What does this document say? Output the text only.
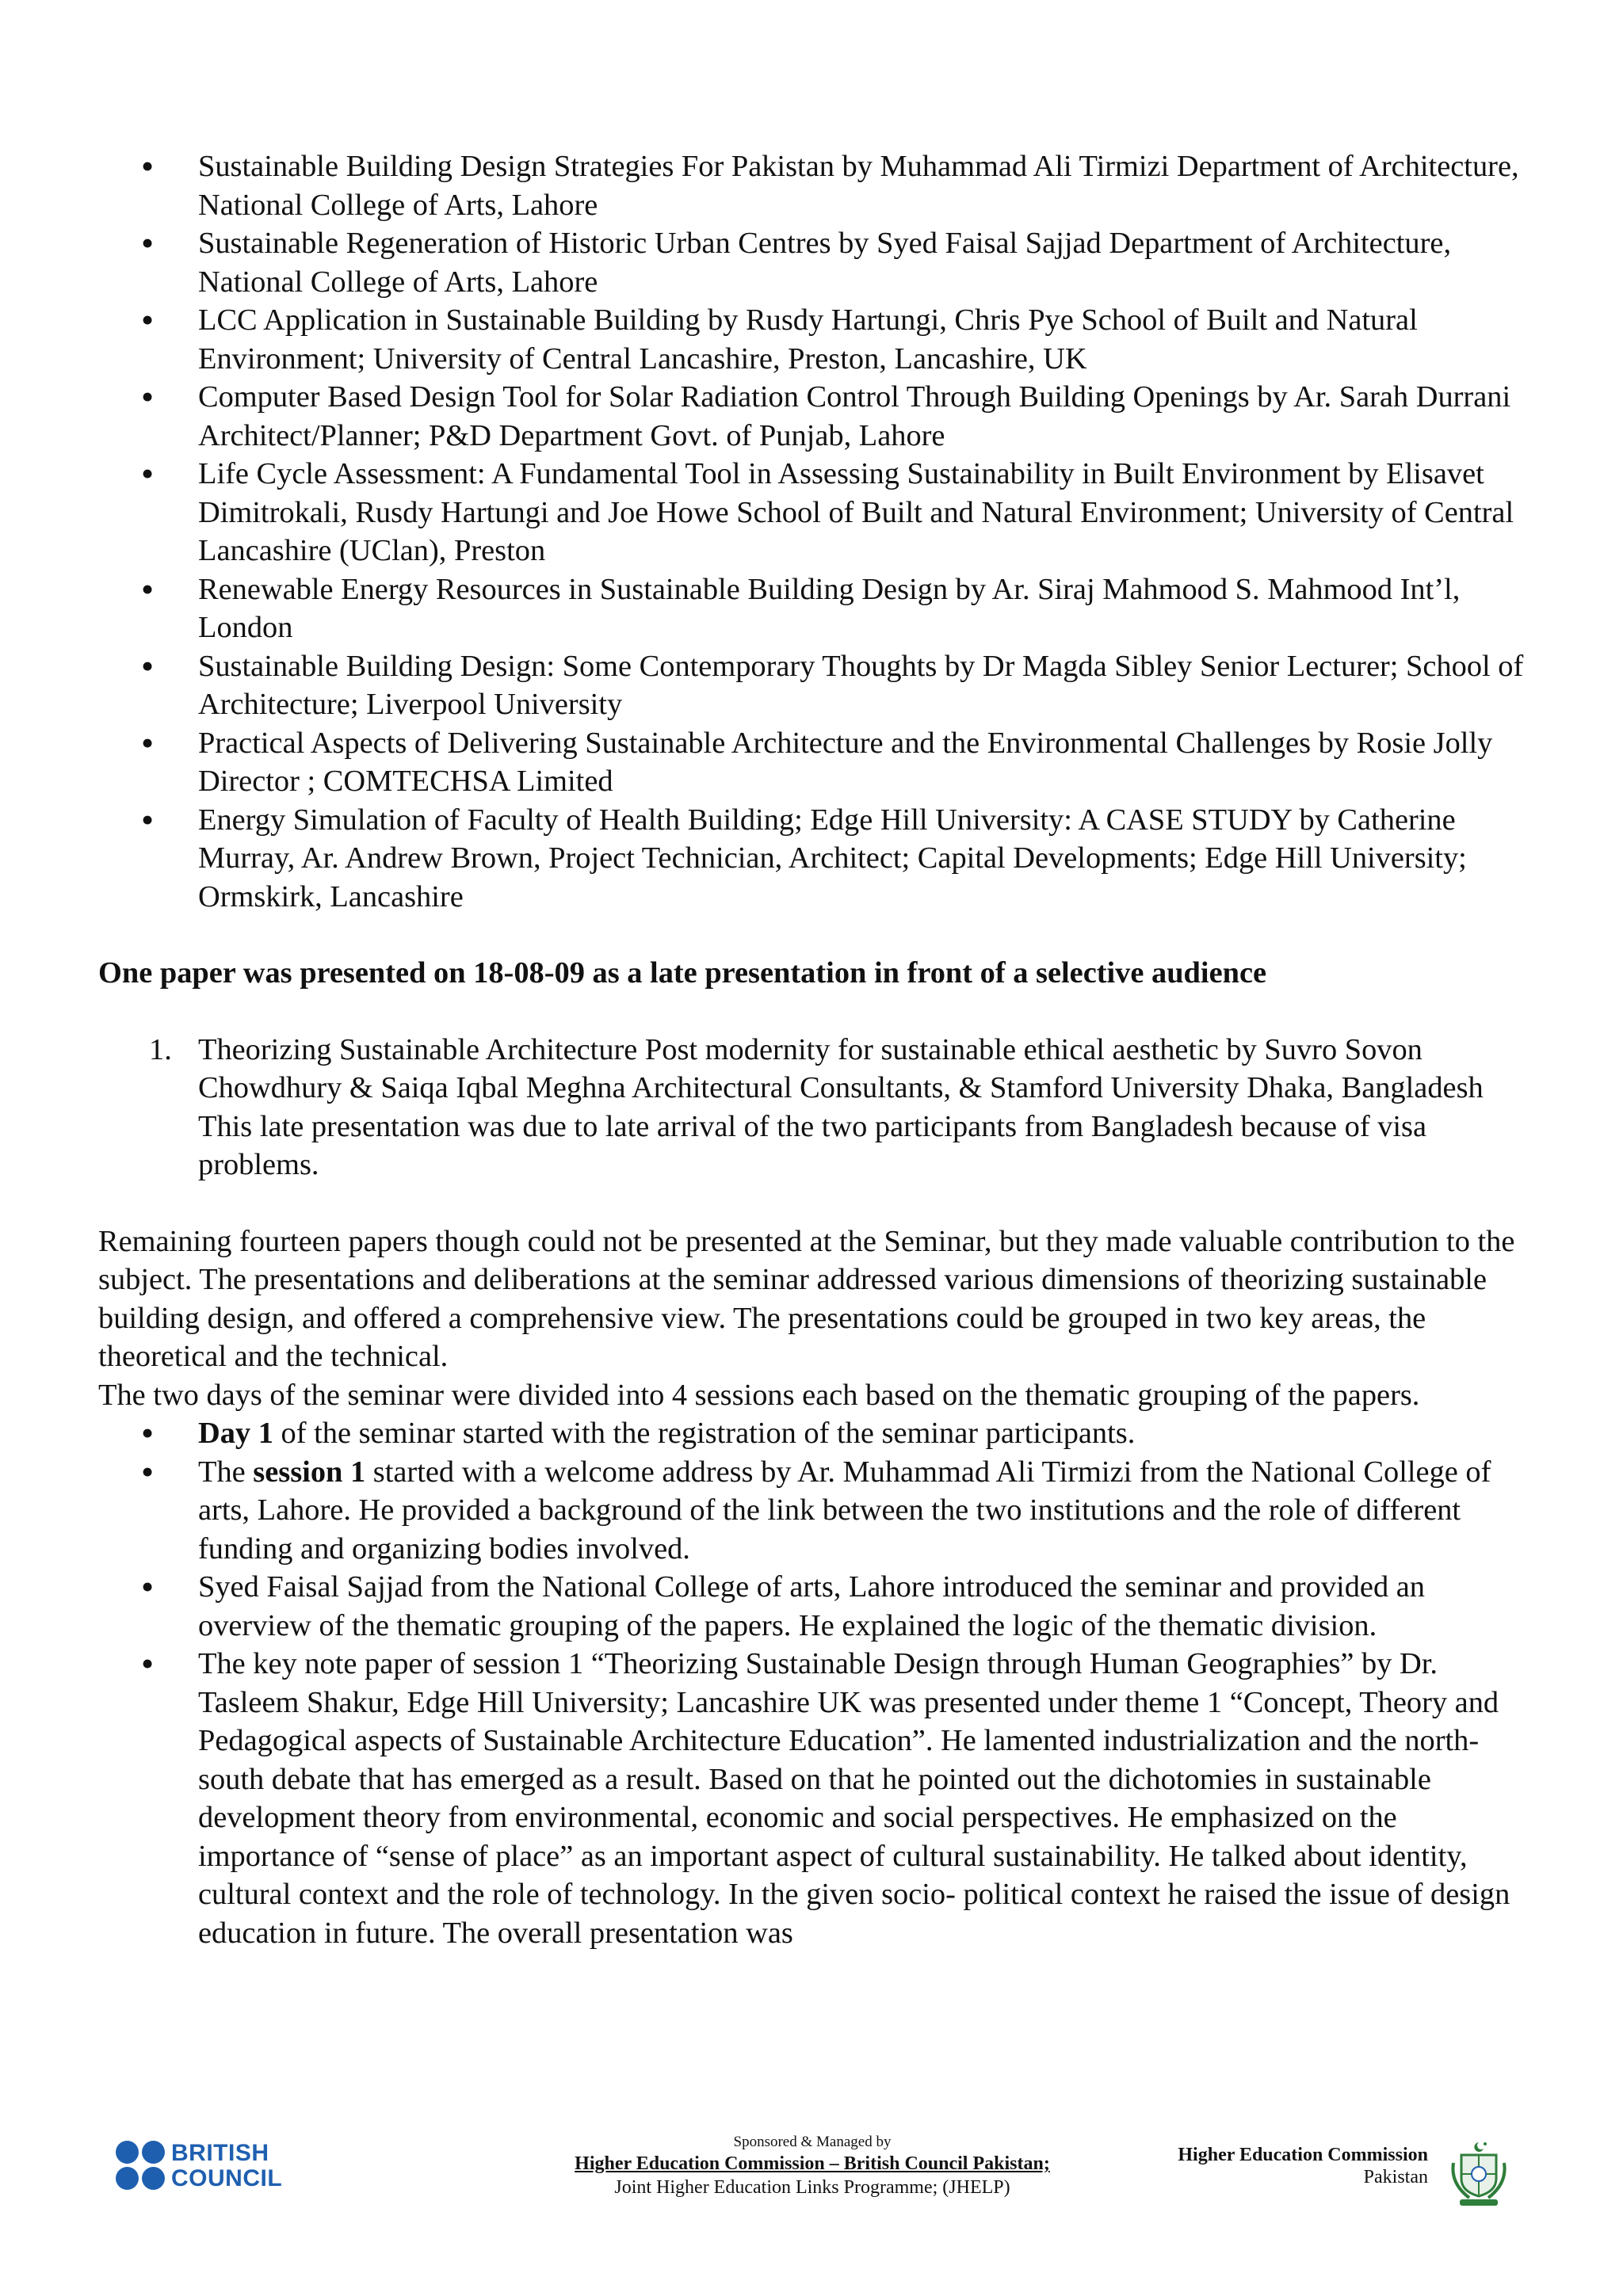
• Sustainable Building Design Strategies For Pakistan by Muhammad Ali Tirmizi Department of Architecture, National College of Arts, Lahore
• Sustainable Regeneration of Historic Urban Centres by Syed Faisal Sajjad Department of Architecture, National College of Arts, Lahore
• LCC Application in Sustainable Building by Rusdy Hartungi, Chris Pye School of Built and Natural Environment; University of Central Lancashire, Preston, Lancashire, UK
• Computer Based Design Tool for Solar Radiation Control Through Building Openings by Ar. Sarah Durrani Architect/Planner; P&D Department Govt. of Punjab, Lahore
• Life Cycle Assessment: A Fundamental Tool in Assessing Sustainability in Built Environment by Elisavet Dimitrokali, Rusdy Hartungi and Joe Howe School of Built and Natural Environment; University of Central Lancashire (UClan), Preston
• Renewable Energy Resources in Sustainable Building Design by Ar. Siraj Mahmood S. Mahmood Int’l, London
• Sustainable Building Design: Some Contemporary Thoughts by Dr Magda Sibley Senior Lecturer; School of Architecture; Liverpool University
• Practical Aspects of Delivering Sustainable Architecture and the Environmental Challenges by Rosie Jolly Director ; COMTECHSA Limited
• Energy Simulation of Faculty of Health Building; Edge Hill University: A CASE STUDY by Catherine Murray, Ar. Andrew Brown, Project Technician, Architect; Capital Developments; Edge Hill University; Ormskirk, Lancashire
One paper was presented on 18-08-09 as a late presentation in front of a selective audience
1. Theorizing Sustainable Architecture Post modernity for sustainable ethical aesthetic by Suvro Sovon Chowdhury & Saiqa Iqbal Meghna Architectural Consultants, & Stamford University Dhaka, Bangladesh
This late presentation was due to late arrival of the two participants from Bangladesh because of visa problems.
Remaining fourteen papers though could not be presented at the Seminar, but they made valuable contribution to the subject. The presentations and deliberations at the seminar addressed various dimensions of theorizing sustainable building design, and offered a comprehensive view. The presentations could be grouped in two key areas, the theoretical and the technical.
The two days of the seminar were divided into 4 sessions each based on the thematic grouping of the papers.
• Day 1 of the seminar started with the registration of the seminar participants.
• The session 1 started with a welcome address by Ar. Muhammad Ali Tirmizi from the National College of arts, Lahore. He provided a background of the link between the two institutions and the role of different funding and organizing bodies involved.
• Syed Faisal Sajjad from the National College of arts, Lahore introduced the seminar and provided an overview of the thematic grouping of the papers. He explained the logic of the thematic division.
• The key note paper of session 1 “Theorizing Sustainable Design through Human Geographies” by Dr. Tasleem Shakur, Edge Hill University; Lancashire UK was presented under theme 1 “Concept, Theory and Pedagogical aspects of Sustainable Architecture Education”. He lamented industrialization and the north- south debate that has emerged as a result. Based on that he pointed out the dichotomies in sustainable development theory from environmental, economic and social perspectives. He emphasized on the importance of “sense of place” as an important aspect of cultural sustainability. He talked about identity, cultural context and the role of technology. In the given socio- political context he raised the issue of design education in future. The overall presentation was
BRITISH
COUNCIL
Sponsored & Managed by
Higher Education Commission – British Council Pakistan;
Joint Higher Education Links Programme; (JHELP)
Higher Education Commission
Pakistan
